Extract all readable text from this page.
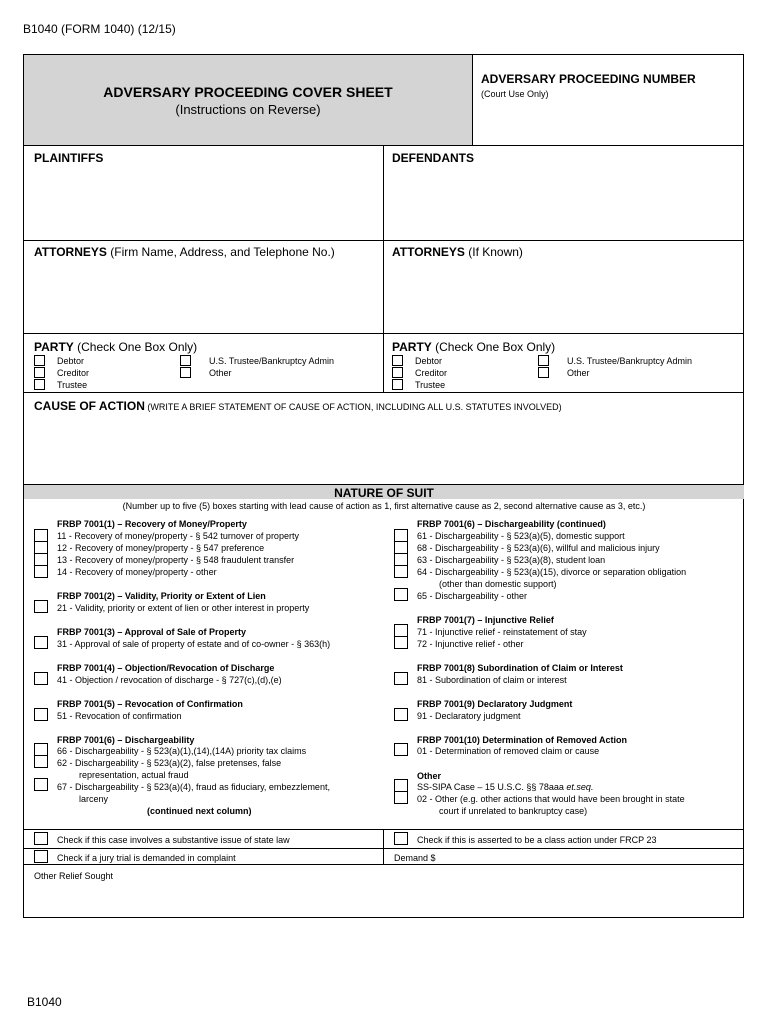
B1040 (FORM 1040) (12/15)
ADVERSARY PROCEEDING COVER SHEET
(Instructions on Reverse)
ADVERSARY PROCEEDING NUMBER
(Court Use Only)
PLAINTIFFS	DEFENDANTS
ATTORNEYS (Firm Name, Address, and Telephone No.)	ATTORNEYS (If Known)
PARTY (Check One Box Only)
Debtor
Creditor
Trustee
U.S. Trustee/Bankruptcy Admin
Other
PARTY (Check One Box Only)
Debtor
Creditor
Trustee
U.S. Trustee/Bankruptcy Admin
Other
CAUSE OF ACTION (WRITE A BRIEF STATEMENT OF CAUSE OF ACTION, INCLUDING ALL U.S. STATUTES INVOLVED)
NATURE OF SUIT
(Number up to five (5) boxes starting with lead cause of action as 1, first alternative cause as 2, second alternative cause as 3, etc.)
FRBP 7001(1) – Recovery of Money/Property
11 - Recovery of money/property - § 542 turnover of property
12 - Recovery of money/property - § 547 preference
13 - Recovery of money/property - § 548 fraudulent transfer
14 - Recovery of money/property - other
FRBP 7001(2) – Validity, Priority or Extent of Lien
21 - Validity, priority or extent of lien or other interest in property
FRBP 7001(3) – Approval of Sale of Property
31 - Approval of sale of property of estate and of co-owner - § 363(h)
FRBP 7001(4) – Objection/Revocation of Discharge
41 - Objection / revocation of discharge - § 727(c),(d),(e)
FRBP 7001(5) – Revocation of Confirmation
51 - Revocation of confirmation
FRBP 7001(6) – Dischargeability
66 - Dischargeability - § 523(a)(1),(14),(14A) priority tax claims
62 - Dischargeability - § 523(a)(2), false pretenses, false
representation, actual fraud
67 - Dischargeability - § 523(a)(4), fraud as fiduciary, embezzlement,
larceny
(continued next column)
FRBP 7001(6) – Dischargeability (continued)
61 - Dischargeability - § 523(a)(5), domestic support
68 - Dischargeability - § 523(a)(6), willful and malicious injury
63 - Dischargeability - § 523(a)(8), student loan
64 - Dischargeability - § 523(a)(15), divorce or separation obligation
(other than domestic support)
65 - Dischargeability - other
FRBP 7001(7) – Injunctive Relief
71 - Injunctive relief - reinstatement of stay
72 - Injunctive relief - other
FRBP 7001(8) Subordination of Claim or Interest
81 - Subordination of claim or interest
FRBP 7001(9) Declaratory Judgment
91 - Declaratory judgment
FRBP 7001(10) Determination of Removed Action
01 - Determination of removed claim or cause
Other
SS-SIPA Case – 15 U.S.C. §§ 78aaa et.seq.
02 - Other (e.g. other actions that would have been brought in state
court if unrelated to bankruptcy case)
Check if this case involves a substantive issue of state law	Check if this is asserted to be a class action under FRCP 23
Check if a jury trial is demanded in complaint	Demand $
Other Relief Sought
B1040
